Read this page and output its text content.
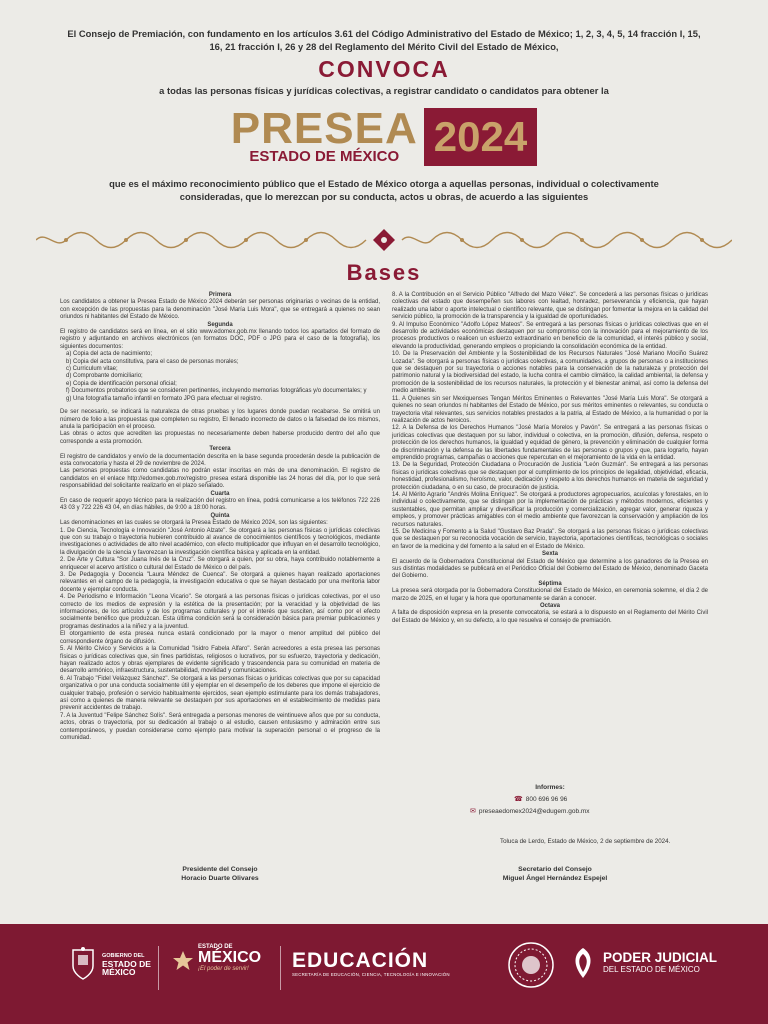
El Consejo de Premiación, con fundamento en los artículos 3.61 del Código Administrativo del Estado de México; 1, 2, 3, 4, 5, 14 fracción I, 15, 16, 21 fracción I, 26 y 28 del Reglamento del Mérito Civil del Estado de México,
CONVOCA
a todas las personas físicas y jurídicas colectivas, a registrar candidato o candidatos para obtener la
PRESEA
ESTADO DE MÉXICO 2024
que es el máximo reconocimiento público que el Estado de México otorga a aquellas personas, individual o colectivamente consideradas, que lo merezcan por su conducta, actos u obras, de acuerdo a las siguientes
Bases

Primera

Los candidatos a obtener la Presea Estado de México 2024 deberán ser personas originarias o vecinas de la entidad, con excepción de las propuestas para la denominación "José María Luis Mora", que se entregará a quienes no sean oriundos ni habitantes del Estado de México.

Segunda

El registro de candidatos será en línea, en el sitio www.edomex.gob.mx llenando todos los apartados del formato de registro y adjuntando en archivos electrónicos (en formatos DOC, PDF o JPG para el caso de la fotografía), los siguientes documentos:

a) Copia del acta de nacimiento;

b) Copia del acta constitutiva, para el caso de personas morales;

c) Curriculum vitae;

d) Comprobante domiciliario;

e) Copia de identificación personal oficial;

f) Documentos probatorios que se consideren pertinentes, incluyendo memorias fotográficas y/o documentales; y

g) Una fotografía tamaño infantil en formato JPG para efectuar el registro.

De ser necesario, se indicará la naturaleza de otras pruebas y los lugares donde puedan recabarse. Se omitirá un número de folio a las propuestas que completen su registro, El llenado incorrecto de datos o la falsedad de los mismos, anula la participación en el proceso.

Las obras o actos que acrediten las propuestas no necesariamente deben haberse producido dentro del año que corresponde a esta promoción.

Tercera

El registro de candidatos y envío de la documentación descrita en la base segunda procederán desde la publicación de esta convocatoria y hasta el 29 de noviembre de 2024.

Las personas propuestas como candidatas no podrán estar inscritas en más de una denominación. El registro de candidatos en el enlace http://edomex.gob.mx/registro_presea estará disponible las 24 horas del día, por lo que será responsabilidad del solicitante realizarlo en el plazo señalado.

Cuarta

En caso de requerir apoyo técnico para la realización del registro en línea, podrá comunicarse a los teléfonos 722 226 43 03 y 722 226 43 04, en días hábiles, de 9:00 a 18:00 horas.

Quinta

Las denominaciones en las cuales se otorgará la Presea Estado de México 2024, son las siguientes:

1. De Ciencia, Tecnología e Innovación "José Antonio Alzate". Se otorgará a las personas físicas o jurídicas colectivas que con su trabajo o trayectoria hubieren contribuido al avance de conocimientos científicos y tecnológicos, mediante investigaciones o actividades de alto nivel académico, con efecto multiplicador que influyan en el desarrollo tecnológico, la divulgación de la ciencia y favorezcan la investigación científica básica y aplicada en la entidad.

2. De Arte y Cultura "Sor Juana Inés de la Cruz". Se otorgará a quien, por su obra, haya contribuido notablemente a enriquecer el acervo artístico o cultural del Estado de México o del país.

3. De Pedagogía y Docencia "Laura Méndez de Cuenca". Se otorgará a quienes hayan realizado aportaciones relevantes en el campo de la pedagogía, la investigación educativa o que se hayan destacado por una meritoria labor docente y ejemplar conducta.

4. De Periodismo e Información "Leona Vicario". Se otorgará a las personas físicas o jurídicas colectivas, por el uso correcto de los medios de expresión y la estética de la presentación; por la veracidad y la objetividad de las informaciones, de los artículos y de los programas culturales y por el interés que susciten, así como por el efecto socialmente benéfico que produzcan. Esta última condición será la consideración básica para premiar publicaciones y programas destinados a la niñez y a la juventud.

El otorgamiento de esta presea nunca estará condicionado por la mayor o menor amplitud del público del correspondiente órgano de difusión.

5. Al Mérito Cívico y Servicios a la Comunidad "Isidro Fabela Alfaro". Serán acreedores a esta presea las personas físicas o jurídicas colectivas que, sin fines partidistas, religiosos o lucrativos, por su esfuerzo, trayectoria y dedicación, hayan realizado actos y obras ejemplares de evidente significado y trascendencia para su comunidad en materia de desarrollo armónico, infraestructura, sustentabilidad, movilidad y comunicaciones.

6. Al Trabajo "Fidel Velázquez Sánchez". Se otorgará a las personas físicas o jurídicas colectivas que por su capacidad organizativa o por una conducta socialmente útil y ejemplar en el desempeño de los deberes que impone el ejercicio de cualquier trabajo, profesión o servicio habitualmente ejercidos, sean ejemplo estimulante para los demás trabajadores, así como a quienes de manera relevante se destaquen por sus aportaciones en el establecimiento de medidas para prevenir accidentes de trabajo.

7. A la Juventud "Felipe Sánchez Solís". Será entregada a personas menores de veintinueve años que por su conducta, actos, obras o trayectoria, por su dedicación al trabajo o al estudio, causen entusiasmo y admiración entre sus contemporáneos, y puedan considerarse como ejemplo para motivar la superación personal o el progreso de la comunidad.

8. A la Contribución en el Servicio Público "Alfredo del Mazo Vélez". Se concederá a las personas físicas o jurídicas colectivas del estado que desempeñen sus labores con lealtad, honradez, perseverancia y eficiencia, que hayan realizado una labor o aporte intelectual o científico relevante, que se distingan por fomentar la mejora en la calidad del servicio público, la promoción de la transparencia y la igualdad de oportunidades.

9. Al Impulso Económico "Adolfo López Mateos". Se entregará a las personas físicas o jurídicas colectivas que en el desarrollo de actividades económicas destaquen por su compromiso con la innovación para el mejoramiento de los procesos productivos o realicen un esfuerzo extraordinario en beneficio de la comunidad, el interés público y social, elevando la productividad, generando empleos o propiciando la consolidación económica de la entidad.

10. De la Preservación del Ambiente y la Sostenibilidad de los Recursos Naturales "José Mariano Mociño Suárez Lozada". Se otorgará a personas físicas o jurídicas colectivas, a comunidades, a grupos de personas o a instituciones que se destaquen por su trayectoria o acciones notables para la conservación de la naturaleza y protección del patrimonio natural y la biodiversidad del estado, la lucha contra el cambio climático, la calidad ambiental, la defensa y promoción de la sostenibilidad de los recursos naturales, la protección y el bienestar animal, así como la defensa del medio ambiente.

11. A Quienes sin ser Mexiquenses Tengan Méritos Eminentes o Relevantes "José María Luis Mora". Se otorgará a quienes no sean oriundos ni habitantes del Estado de México, por sus méritos eminentes o relevantes, su conducta o trayectoria vital relevantes, sus servicios notables prestados a la patria, al Estado de México, a la humanidad o por la realización de actos heroicos.

12. A la Defensa de los Derechos Humanos "José María Morelos y Pavón". Se entregará a las personas físicas o jurídicas colectivas que destaquen por su labor, individual o colectiva, en la promoción, difusión, defensa, respeto o protección de los derechos humanos, la igualdad y equidad de género, la prevención y eliminación de cualquier forma de discriminación y la defensa de las libertades fundamentales de las personas o grupos y que, para lograrlo, hayan emprendido programas, campañas o acciones que repercutan en el mejoramiento de la vida en la entidad.

13. De la Seguridad, Protección Ciudadana o Procuración de Justicia "León Guzmán". Se entregará a las personas físicas o jurídicas colectivas que se destaquen por el cumplimiento de los principios de legalidad, objetividad, eficacia, honestidad, profesionalismo, heroísmo, valor, dedicación y respeto a los derechos humanos en materia de seguridad y protección ciudadana, o en su caso, de procuración de justicia.

14. Al Mérito Agrario "Andrés Molina Enríquez". Se otorgará a productores agropecuarios, acuícolas y forestales, en lo individual o colectivamente, que se distingan por la implementación de prácticas y métodos modernos, eficientes y sustentables, que permitan ampliar y diversificar la producción y comercialización, agregar valor, generar riqueza y empleos, y promover prácticas amigables con el medio ambiente que favorezcan la conservación y ampliación de los recursos naturales.

15. De Medicina y Fomento a la Salud "Gustavo Baz Prada". Se otorgará a las personas físicas o jurídicas colectivas que se destaquen por su reconocida vocación de servicio, trayectoria, aportaciones científicas, tecnológicas o sociales en favor de la medicina y del fomento a la salud en el Estado de México.

Sexta

El acuerdo de la Gobernadora Constitucional del Estado de México que determine a los ganadores de la Presea en sus distintas modalidades se publicará en el Periódico Oficial del Gobierno del Estado de México, denominado Gaceta del Gobierno.

Séptima

La presea será otorgada por la Gobernadora Constitucional del Estado de México, en ceremonia solemne, el día 2 de marzo de 2025, en el lugar y la hora que oportunamente se darán a conocer.

Octava

A falta de disposición expresa en la presente convocatoria, se estará a lo dispuesto en el Reglamento del Mérito Civil del Estado de México y, en su defecto, a lo que resuelva el consejo de premiación.

Informes:
☎ 800 696 96 96
✉ preseaedomex2024@edugem.gob.mx
Toluca de Lerdo, Estado de México, 2 de septiembre de 2024.
Presidente del Consejo
Horacio Duarte Olivares
Secretario del Consejo
Miguel Ángel Hernández Espejel
GOBIERNO DEL
ESTADO DE
MÉXICO
ESTADO DE
MÉXICO
¡El poder de servir!	EDUCACIÓN
SECRETARÍA DE EDUCACIÓN, CIENCIA, TECNOLOGÍA E INNOVACIÓN
PODER JUDICIAL
DEL ESTADO DE MÉXICO
